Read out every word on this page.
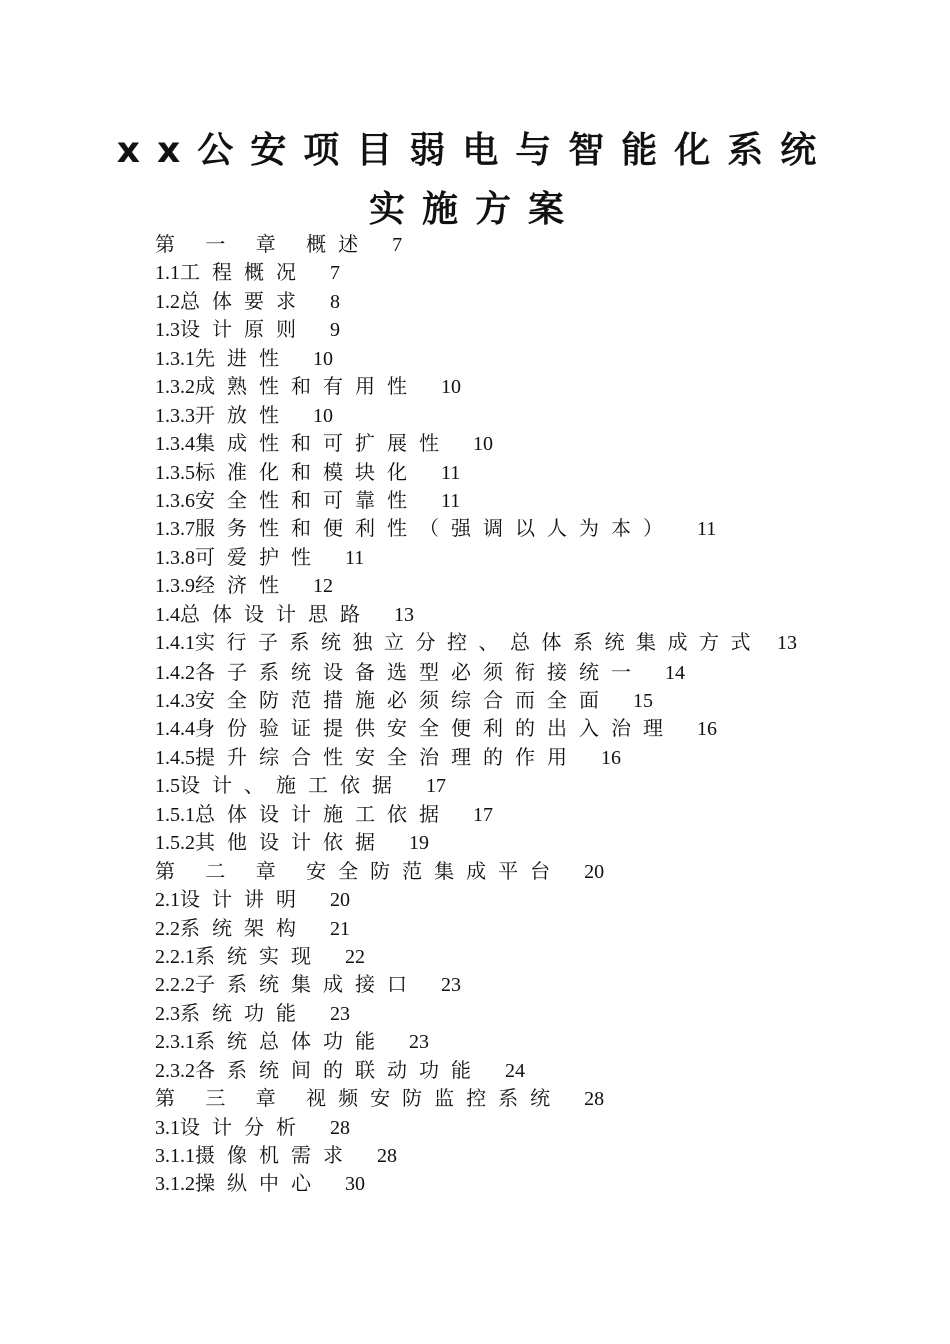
xx公安项目弱电与智能化系统
实施方案
第 一 章 概述 7
1.1 工程概况 7
1.2 总体要求 8
1.3 设计原则 9
1.3.1 先进性 10
1.3.2 成熟性和有用性 10
1.3.3 开放性 10
1.3.4 集成性和可扩展性 10
1.3.5 标准化和模块化 11
1.3.6 安全性和可靠性 11
1.3.7 服务性和便利性（强调以人为本） 11
1.3.8 可爱护性 11
1.3.9 经济性 12
1.4 总体设计思路 13
1.4.1 实行子系统独立分控、总体系统集成方式 13
1.4.2 各子系统设备选型必须衔接统一 14
1.4.3 安全防范措施必须综合而全面 15
1.4.4 身份验证提供安全便利的出入治理 16
1.4.5 提升综合性安全治理的作用 16
1.5 设计、施工依据 17
1.5.1 总体设计施工依据 17
1.5.2 其他设计依据 19
第 二 章 安全防范集成平台 20
2.1 设计讲明 20
2.2 系统架构 21
2.2.1 系统实现 22
2.2.2 子系统集成接口 23
2.3 系统功能 23
2.3.1 系统总体功能 23
2.3.2 各系统间的联动功能 24
第 三 章 视频安防监控系统 28
3.1 设计分析 28
3.1.1 摄像机需求 28
3.1.2 操纵中心 30
